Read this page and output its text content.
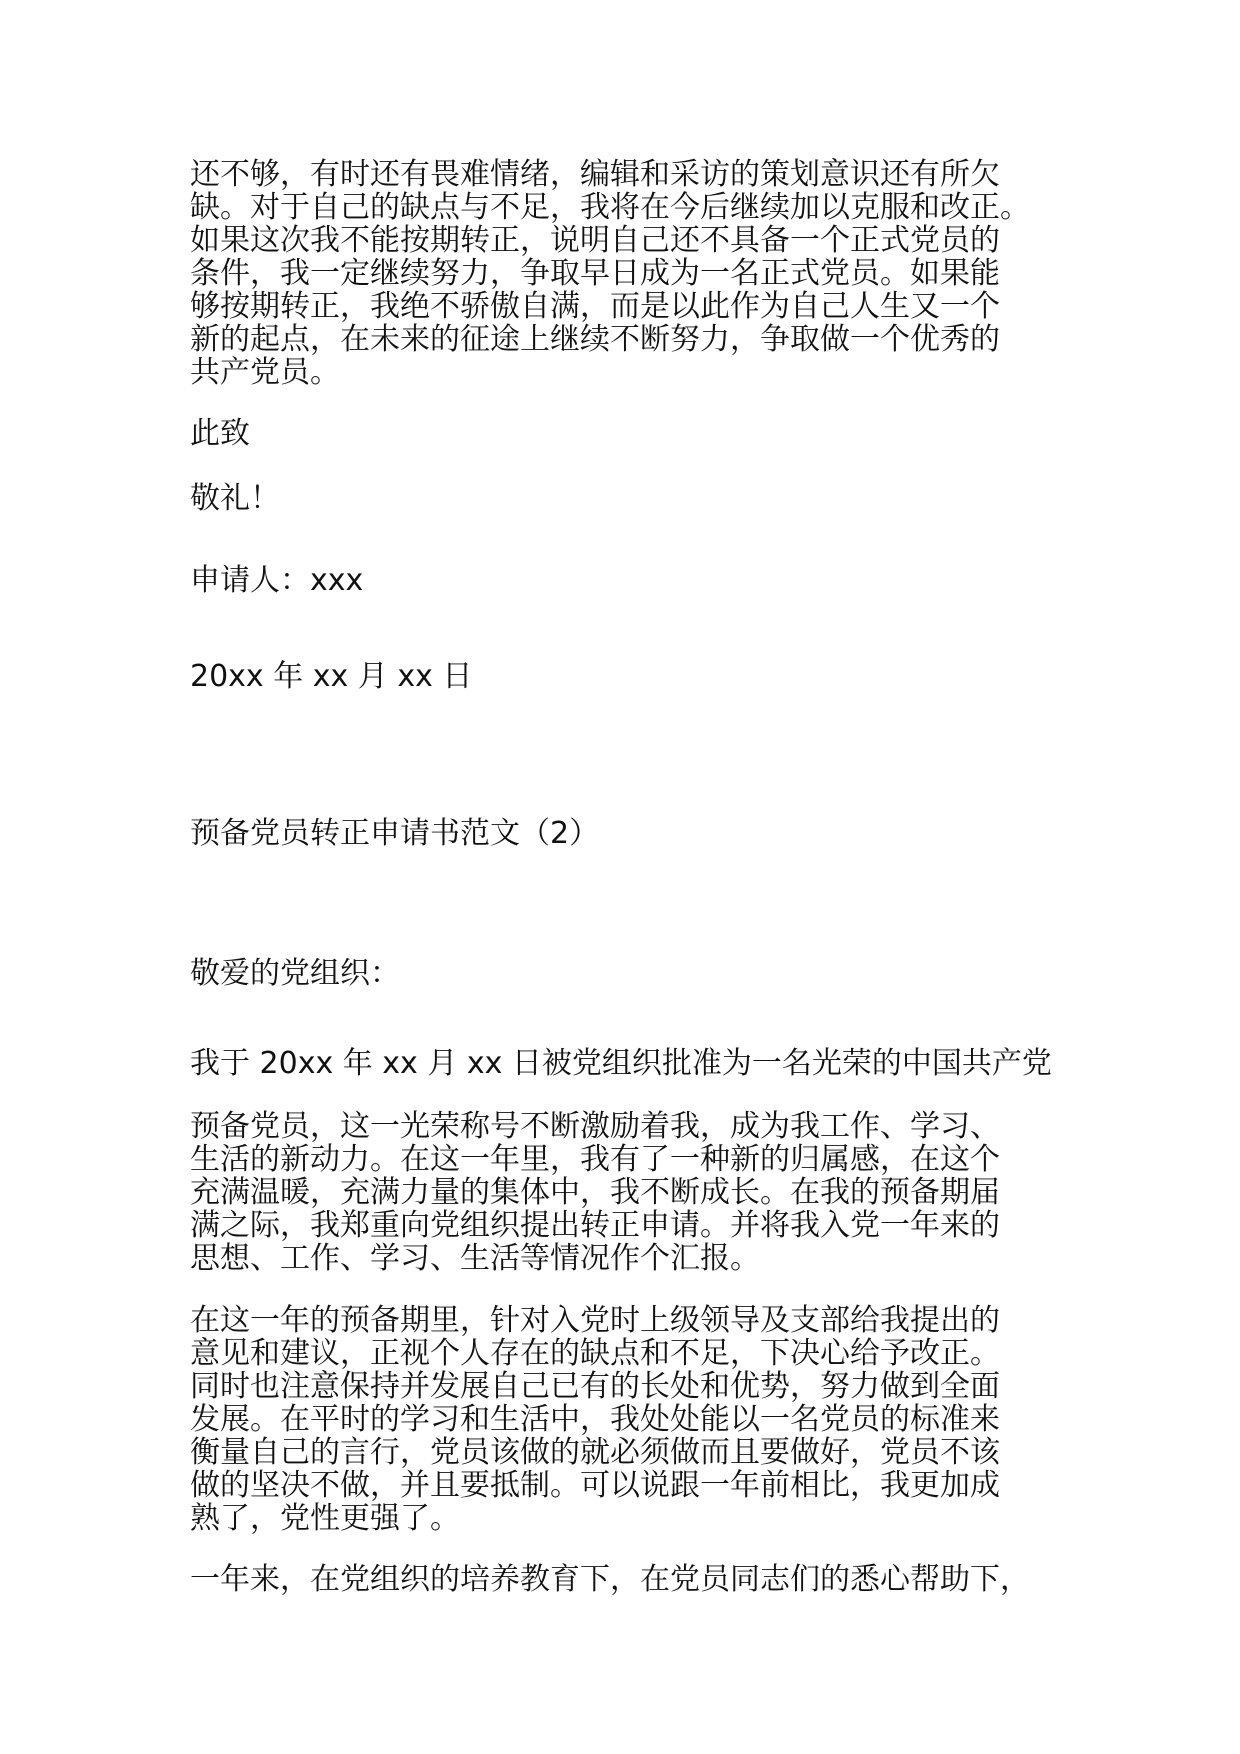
还不够，有时还有畏难情绪，编辑和采访的策划意识还有所欠
缺。对于自己的缺点与不足，我将在今后继续加以克服和改正。
如果这次我不能按期转正，说明自己还不具备一个正式党员的
条件，我一定继续努力，争取早日成为一名正式党员。如果能
够按期转正，我绝不骄傲自满，而是以此作为自己人生又一个
新的起点，在未来的征途上继续不断努力，争取做一个优秀的
共产党员。

此致

敬礼！

申请人：xxx

20xx 年 xx 月 xx 日

预备党员转正申请书范文（2）

敬爱的党组织：

我于 20xx 年 xx 月 xx 日被党组织批准为一名光荣的中国共产党

预备党员，这一光荣称号不断激励着我，成为我工作、学习、
生活的新动力。在这一年里，我有了一种新的归属感，在这个
充满温暖，充满力量的集体中，我不断成长。在我的预备期届
满之际，我郑重向党组织提出转正申请。并将我入党一年来的
思想、工作、学习、生活等情况作个汇报。

在这一年的预备期里，针对入党时上级领导及支部给我提出的
意见和建议，正视个人存在的缺点和不足，下决心给予改正。
同时也注意保持并发展自己已有的长处和优势，努力做到全面
发展。在平时的学习和生活中，我处处能以一名党员的标准来
衡量自己的言行，党员该做的就必须做而且要做好，党员不该
做的坚决不做，并且要抵制。可以说跟一年前相比，我更加成
熟了，党性更强了。

一年来，在党组织的培养教育下，在党员同志们的悉心帮助下，
